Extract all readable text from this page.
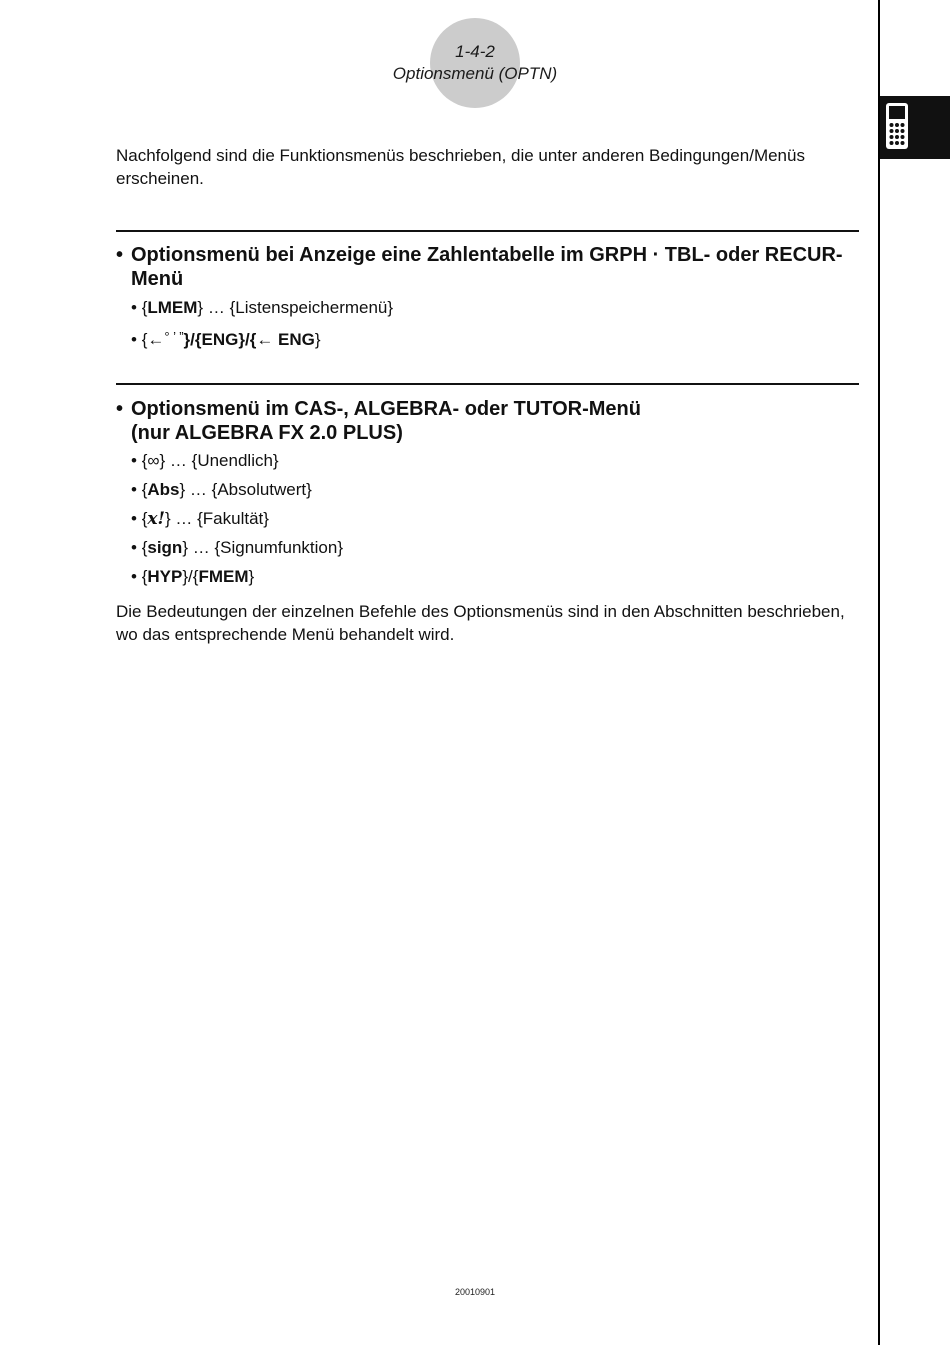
1-4-2
Optionsmenü (OPTN)
Nachfolgend sind die Funktionsmenüs beschrieben, die unter anderen Bedingungen/Menüs erscheinen.
• Optionsmenü bei Anzeige eine Zahlentabelle im GRPH · TBL- oder RECUR-Menü
• {LMEM} … {Listenspeichermenü}
• {←° ’ ”}/{ENG}/{← ENG}
• Optionsmenü im CAS-, ALGEBRA- oder TUTOR-Menü
(nur ALGEBRA FX 2.0 PLUS)
• {∞} … {Unendlich}
• {Abs} … {Absolutwert}
• {x!} … {Fakultät}
• {sign} … {Signumfunktion}
• {HYP}/{FMEM}
Die Bedeutungen der einzelnen Befehle des Optionsmenüs sind in den Abschnitten beschrieben, wo das entsprechende Menü behandelt wird.
20010901
